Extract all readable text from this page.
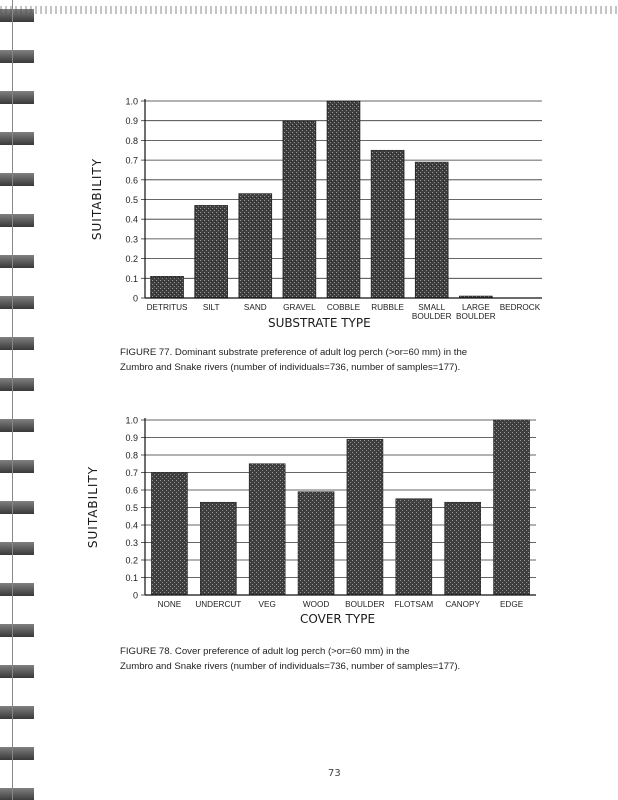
0
0.1
0.2
0.3
0.4
0.5
0.6
0.7
0.8
0.9
1.0
DETRITUS SILT	SAND GRAVEL COBBLE RUBBLE SMALL
BOULDER
LARGE
BOULDER
BEDROCK
SUITABILITY
SUBSTRATE TYPE
FIGURE 77. Dominant substrate preference of adult log perch (>or=60 mm) in the
Zumbro and Snake rivers (number of individuals=736, number of samples=177).
0
0.1
0.2
0.3
0.4
0.5
0.6
0.7
0.8
0.9
1.0
NONE UNDERCUT VEG	WOOD BOULDER FLOTSAM CANOPY EDGE
SUITABILITY
COVER TYPE
FIGURE 78. Cover preference of adult log perch (>or=60 mm) in the
Zumbro and Snake rivers (number of individuals=736, number of samples=177).
73
